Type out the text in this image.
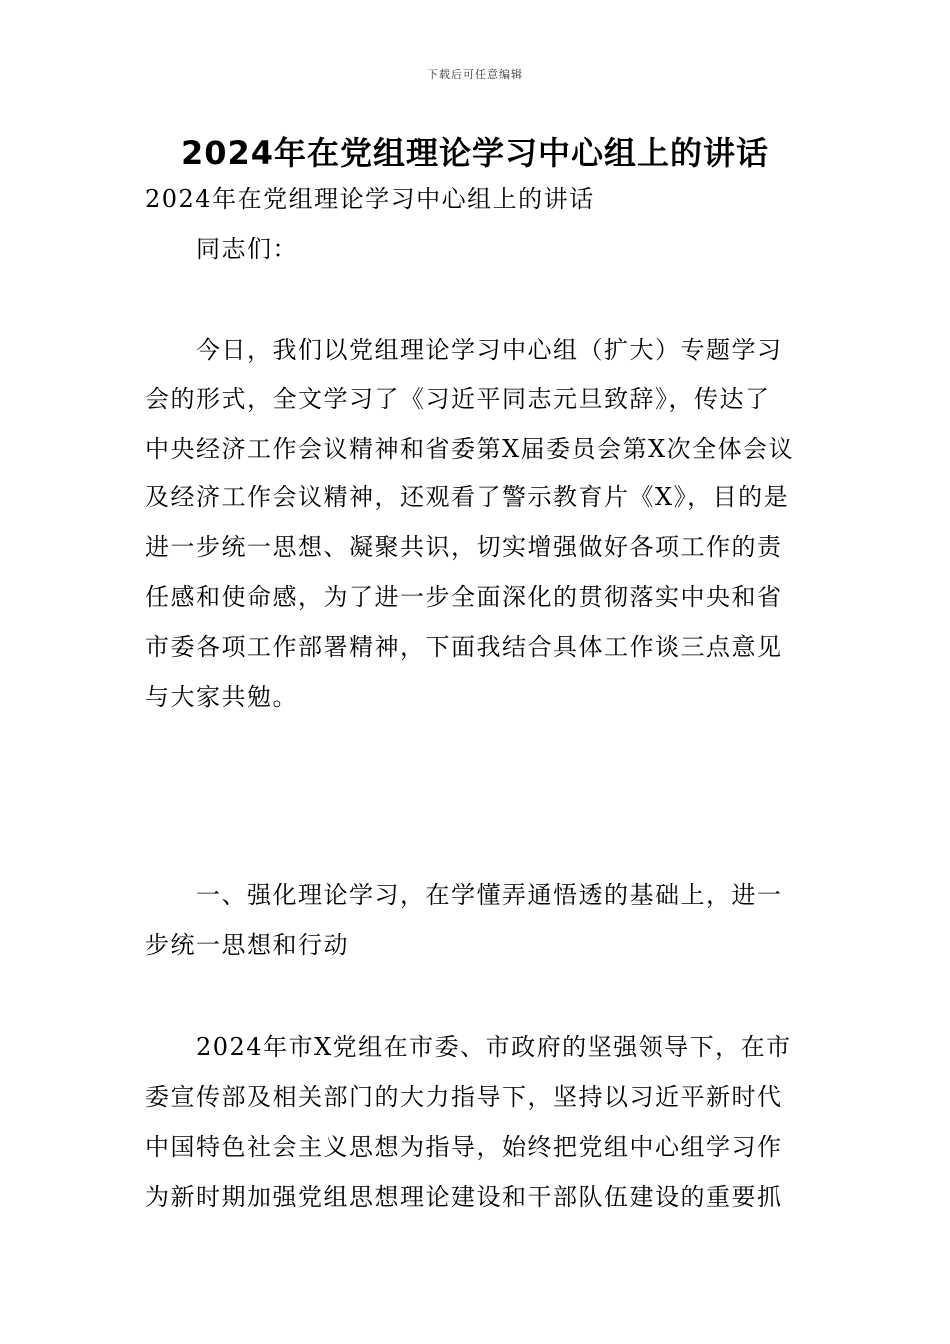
下载后可任意编辑
2024年在党组理论学习中心组上的讲话

2024年在党组理论学习中心组上的讲话

同志们：

今日，我们以党组理论学习中心组（扩大）专题学习

会的形式，全文学习了《习近平同志元旦致辞》，传达了

中央经济工作会议精神和省委第X届委员会第X次全体会议

及经济工作会议精神，还观看了警示教育片《X》，目的是

进一步统一思想、凝聚共识，切实增强做好各项工作的责

任感和使命感，为了进一步全面深化的贯彻落实中央和省

市委各项工作部署精神，下面我结合具体工作谈三点意见

与大家共勉。

一、强化理论学习，在学懂弄通悟透的基础上，进一

步统一思想和行动

2024年市X党组在市委、市政府的坚强领导下，在市

委宣传部及相关部门的大力指导下，坚持以习近平新时代

中国特色社会主义思想为指导，始终把党组中心组学习作

为新时期加强党组思想理论建设和干部队伍建设的重要抓
